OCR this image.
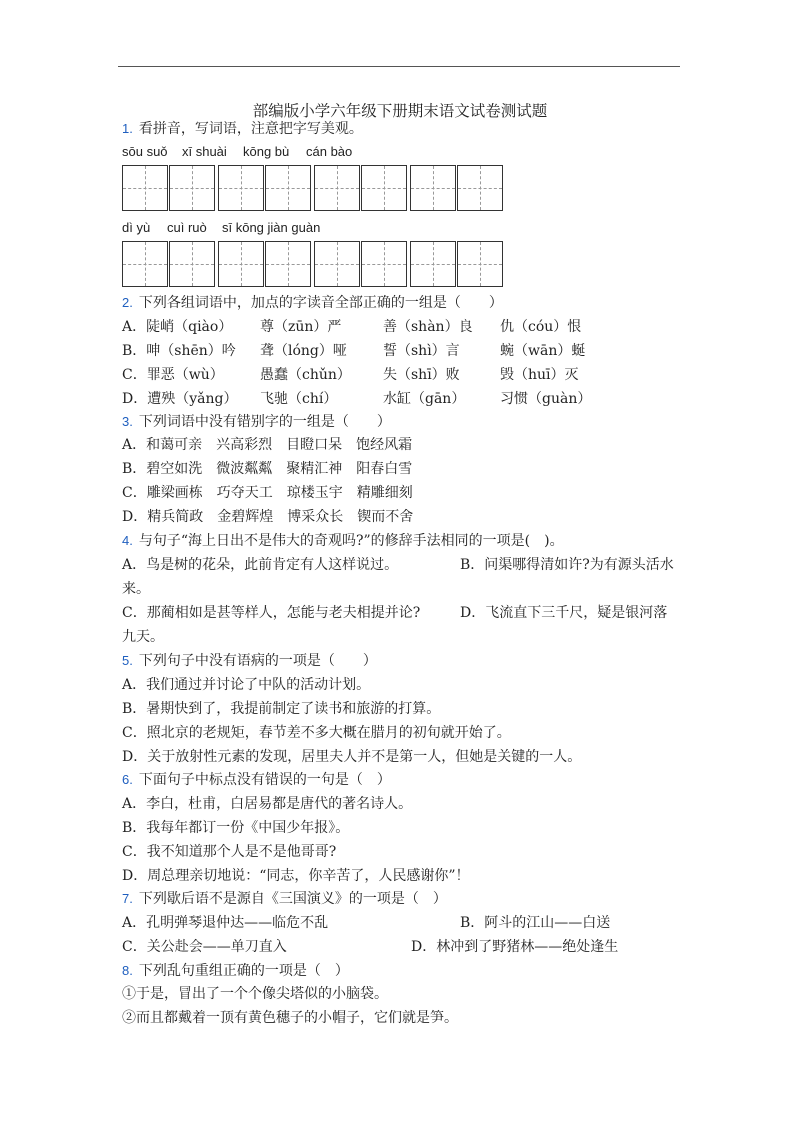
部编版小学六年级下册期末语文试卷测试题
1. 看拼音，写词语，注意把字写美观。
sōu suǒ xī shuài kōng bù cán bào
dì yù cuì ruò sī kōng jiàn guàn
2. 下列各组词语中，加点的字读音全部正确的一组是（　　）
A．陡峭（qiào） 尊（zūn）严	善（shàn）良 仇（cóu）恨
B．呻（shēn）吟 聋（lóng）哑	誓（shì）言	蜿（wān）蜒
C．罪恶（wù）	愚蠢（chǔn） 失（shī）败	毁（huī）灭
D．遭殃（yǎng） 飞驰（chí）	水缸（gān） 习惯（guàn）
3. 下列词语中没有错别字的一组是（　　）
A．和蔼可亲　兴高彩烈　目瞪口呆　饱经风霜
B．碧空如洗　微波粼粼　聚精汇神　阳春白雪
C．雕梁画栋　巧夺天工　琼楼玉宇　精雕细刻
D．精兵简政　金碧辉煌　博采众长　锲而不舍
4. 与句子“海上日出不是伟大的奇观吗?”的修辞手法相同的一项是(　)。
A．鸟是树的花朵，此前肯定有人这样说过。	B．问渠哪得清如许?为有源头活水
来。
C．那蔺相如是甚等样人，怎能与老夫相提并论?	D．飞流直下三千尺，疑是银河落
九天。
5. 下列句子中没有语病的一项是（　　）
A．我们通过并讨论了中队的活动计划。
B．暑期快到了，我提前制定了读书和旅游的打算。
C．照北京的老规矩，春节差不多大概在腊月的初旬就开始了。
D．关于放射性元素的发现，居里夫人并不是第一人，但她是关键的一人。
6. 下面句子中标点没有错误的一句是（　）
A．李白，杜甫，白居易都是唐代的著名诗人。
B．我每年都订一份《中国少年报》。
C．我不知道那个人是不是他哥哥?
D．周总理亲切地说：“同志，你辛苦了，人民感谢你”！
7. 下列歇后语不是源自《三国演义》的一项是（　）
A．孔明弹琴退仲达——临危不乱	B．阿斗的江山——白送
C．关公赴会——单刀直入	D．林冲到了野猪林——绝处逢生
8. 下列乱句重组正确的一项是（　）
①于是，冒出了一个个像尖塔似的小脑袋。
②而且都戴着一顶有黄色穗子的小帽子，它们就是笋。
